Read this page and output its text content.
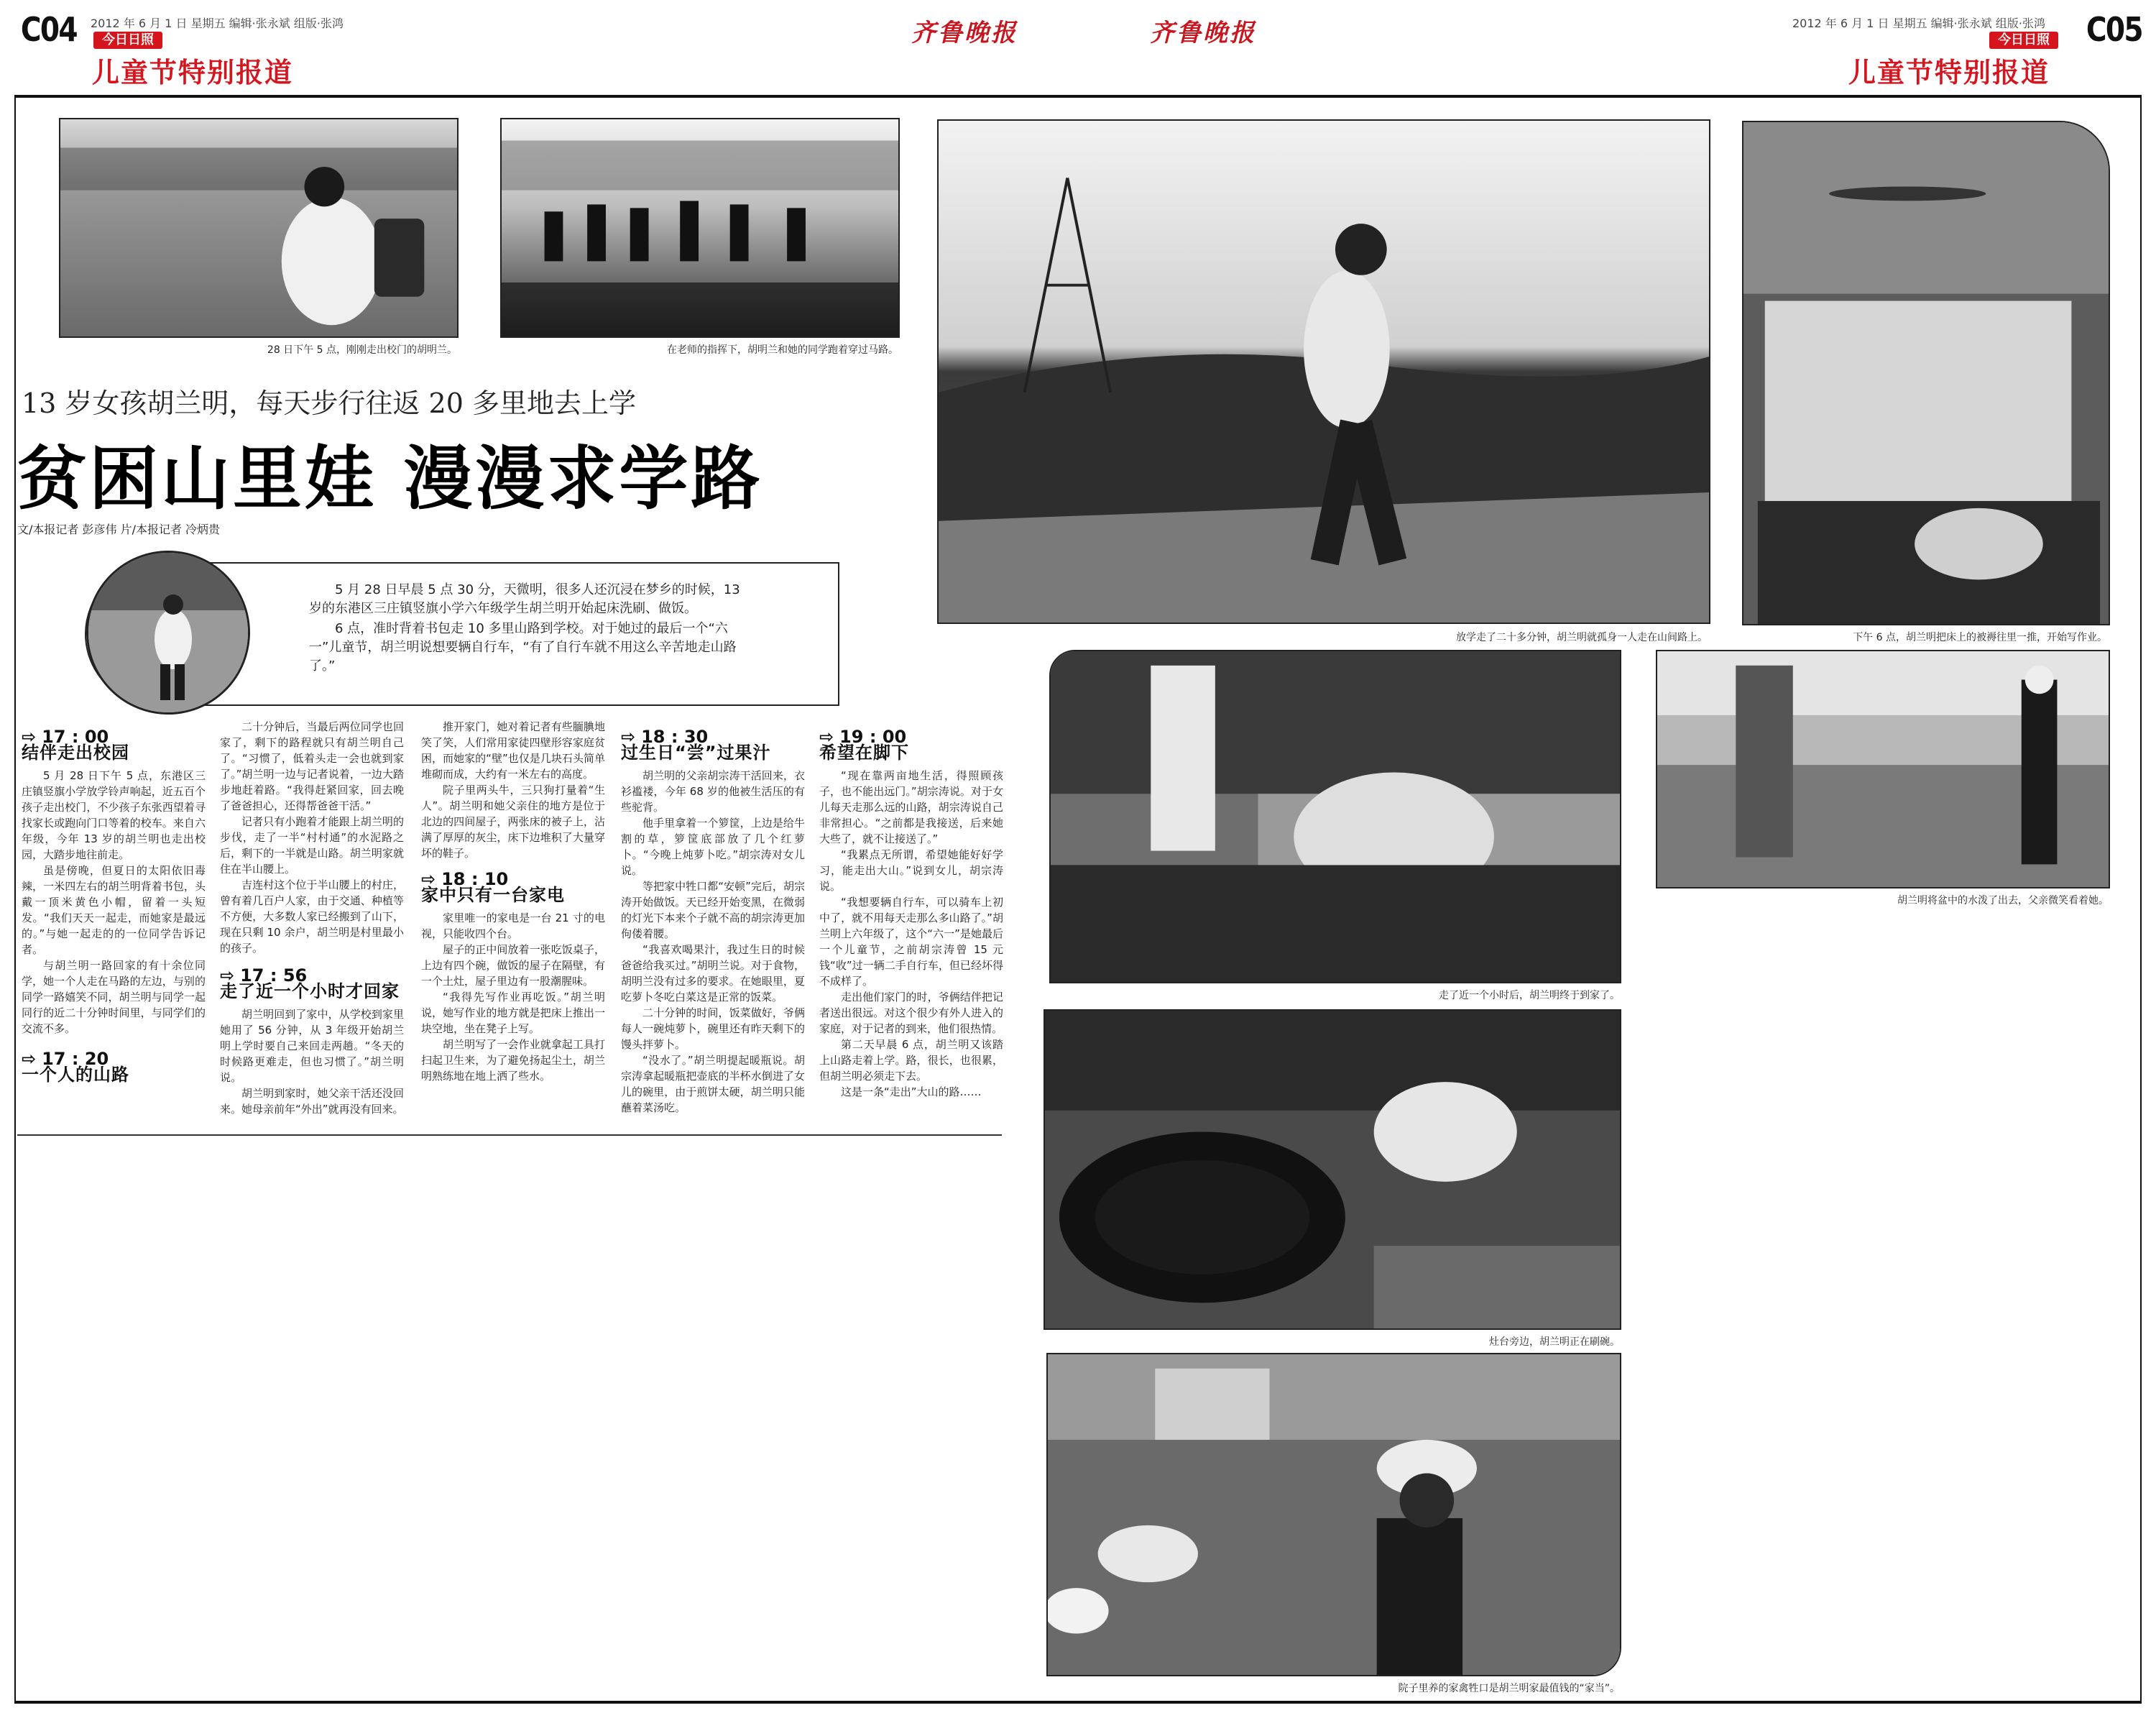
C04 2012 年 6 月 1 日 星期五 编辑·张永斌 组版·张鸿
今日日照
儿童节特别报道
齐鲁晚报	齐鲁晚报	2012 年 6 月 1 日 星期五 编辑·张永斌 组版·张鸿
今日日照
儿童节特别报道
C05
28 日下午 5 点，刚刚走出校门的胡明兰。	在老师的指挥下，胡明兰和她的同学跑着穿过马路。
放学走了二十多分钟，胡兰明就孤身一人走在山间路上。	下午 6 点，胡兰明把床上的被褥往里一推，开始写作业。
走了近一个小时后，胡兰明终于到家了。
胡兰明将盆中的水泼了出去，父亲微笑看着她。
灶台旁边，胡兰明正在刷碗。
院子里养的家禽牲口是胡兰明家最值钱的“家当”。
13 岁女孩胡兰明，每天步行往返 20 多里地去上学
贫困山里娃 漫漫求学路
文/本报记者 彭彦伟 片/本报记者 冷炳贵

5 月 28 日早晨 5 点 30 分，天微明，很多人还沉浸在梦乡的时候，13 岁的东港区三庄镇竖旗小学六年级学生胡兰明开始起床洗刷、做饭。

6 点，准时背着书包走 10 多里山路到学校。对于她过的最后一个“六一”儿童节，胡兰明说想要辆自行车，“有了自行车就不用这么辛苦地走山路了。”

⇨ 17 : 00
结伴走出校园

5 月 28 日下午 5 点，东港区三庄镇竖旗小学放学铃声响起，近五百个孩子走出校门，不少孩子东张西望着寻找家长或跑向门口等着的校车。来自六年级，今年 13 岁的胡兰明也走出校园，大踏步地往前走。

虽是傍晚，但夏日的太阳依旧毒辣，一米四左右的胡兰明背着书包，头戴一顶米黄色小帽，留着一头短发。“我们天天一起走，而她家是最远的。”与她一起走的的一位同学告诉记者。

与胡兰明一路回家的有十余位同学，她一个人走在马路的左边，与别的同学一路嬉笑不同，胡兰明与同学一起同行的近二十分钟时间里，与同学们的交流不多。

⇨ 17 : 20
一个人的山路

二十分钟后，当最后两位同学也回家了，剩下的路程就只有胡兰明自己了。“习惯了，低着头走一会也就到家了。”胡兰明一边与记者说着，一边大踏步地赶着路。“我得赶紧回家，回去晚了爸爸担心，还得帮爸爸干活。”

记者只有小跑着才能跟上胡兰明的步伐，走了一半“村村通”的水泥路之后，剩下的一半就是山路。胡兰明家就住在半山腰上。

吉连村这个位于半山腰上的村庄，曾有着几百户人家，由于交通、种植等不方便，大多数人家已经搬到了山下，现在只剩 10 余户，胡兰明是村里最小的孩子。

⇨ 17 : 56
走了近一个小时才回家

胡兰明回到了家中，从学校到家里她用了 56 分钟，从 3 年级开始胡兰明上学时要自己来回走两趟。“冬天的时候路更难走，但也习惯了。”胡兰明说。

胡兰明到家时，她父亲干活还没回来。她母亲前年“外出”就再没有回来。

推开家门，她对着记者有些腼腆地笑了笑，人们常用家徒四壁形容家庭贫困，而她家的“壁”也仅是几块石头简单堆砌而成，大约有一米左右的高度。

院子里两头牛，三只狗打量着“生人”。胡兰明和她父亲住的地方是位于北边的四间屋子，两张床的被子上，沾满了厚厚的灰尘，床下边堆积了大量穿坏的鞋子。

⇨ 18 : 10
家中只有一台家电

家里唯一的家电是一台 21 寸的电视，只能收四个台。

屋子的正中间放着一张吃饭桌子，上边有四个碗，做饭的屋子在隔壁，有一个土灶，屋子里边有一股潮腥味。

“我得先写作业再吃饭。”胡兰明说，她写作业的地方就是把床上推出一块空地，坐在凳子上写。

胡兰明写了一会作业就拿起工具打扫起卫生来，为了避免扬起尘土，胡兰明熟练地在地上洒了些水。

⇨ 18 : 30
过生日“尝”过果汁

胡兰明的父亲胡宗涛干活回来，衣衫褴褛，今年 68 岁的他被生活压的有些驼背。

他手里拿着一个箩筐，上边是给牛割的草，箩筐底部放了几个红萝卜。“今晚上炖萝卜吃。”胡宗涛对女儿说。

等把家中牲口都“安顿”完后，胡宗涛开始做饭。天已经开始变黑，在微弱的灯光下本来个子就不高的胡宗涛更加佝偻着腰。

“我喜欢喝果汁，我过生日的时候爸爸给我买过。”胡明兰说。对于食物，胡明兰没有过多的要求。在她眼里，夏吃萝卜冬吃白菜这是正常的饭菜。

二十分钟的时间，饭菜做好，爷俩每人一碗炖萝卜，碗里还有昨天剩下的馒头拌萝卜。

“没水了。”胡兰明提起暖瓶说。胡宗涛拿起暖瓶把壶底的半杯水倒进了女儿的碗里，由于煎饼太硬，胡兰明只能蘸着菜汤吃。

⇨ 19 : 00
希望在脚下

“现在靠两亩地生活，得照顾孩子，也不能出远门。”胡宗涛说。对于女儿每天走那么远的山路，胡宗涛说自己非常担心。“之前都是我接送，后来她大些了，就不让接送了。”

“我累点无所谓，希望她能好好学习，能走出大山。”说到女儿，胡宗涛说。

“我想要辆自行车，可以骑车上初中了，就不用每天走那么多山路了。”胡兰明上六年级了，这个“六一”是她最后一个儿童节，之前胡宗涛曾 15 元钱“收”过一辆二手自行车，但已经坏得不成样了。

走出他们家门的时，爷俩结伴把记者送出很远。对这个很少有外人进入的家庭，对于记者的到来，他们很热情。

第二天早晨 6 点，胡兰明又该踏上山路走着上学。路，很长，也很累，但胡兰明必须走下去。

这是一条“走出”大山的路……
